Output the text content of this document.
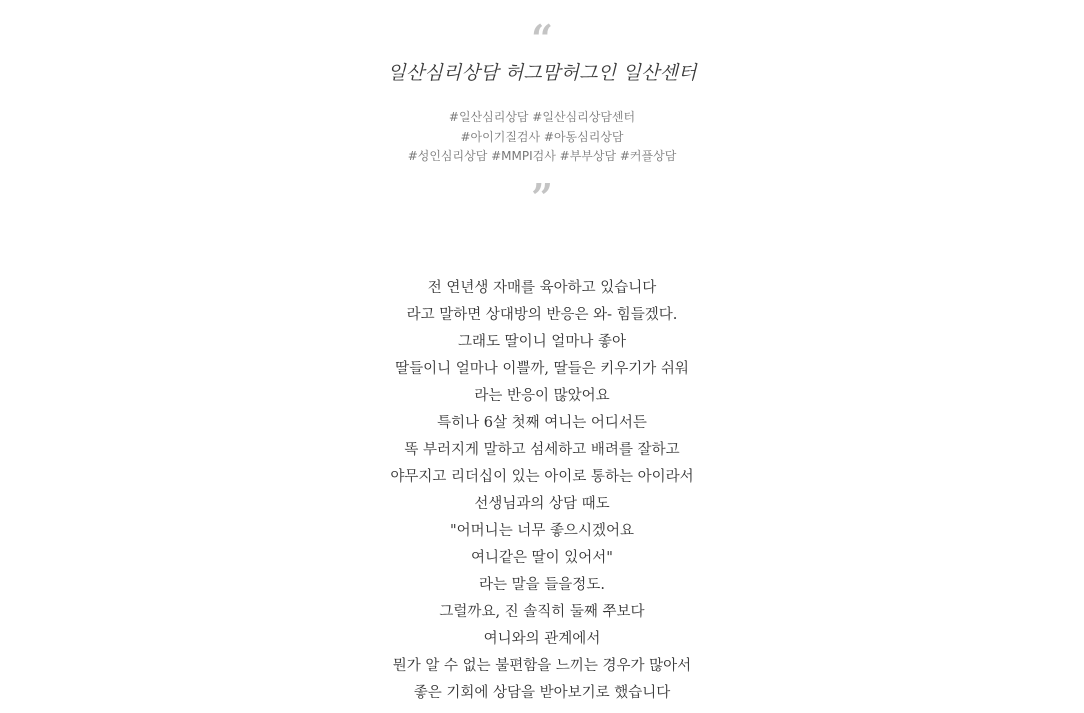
“
일산심리상담 허그맘허그인 일산센터
#일산심리상담 #일산심리상담센터
#아이기질검사 #아동심리상담
#성인심리상담 #MMPI검사 #부부상담 #커플상담
”
전 연년생 자매를 육아하고 있습니다
라고 말하면 상대방의 반응은 와- 힘들겠다.
그래도 딸이니 얼마나 좋아
딸들이니 얼마나 이쁠까, 딸들은 키우기가 쉬워
라는 반응이 많았어요
특히나 6살 첫째 여니는 어디서든
똑 부러지게 말하고 섬세하고 배려를 잘하고
야무지고 리더십이 있는 아이로 통하는 아이라서
선생님과의 상담 때도
"어머니는 너무 좋으시겠어요
여니같은 딸이 있어서"
라는 말을 들을정도.
그럴까요, 진 솔직히 둘째 쭈보다
여니와의 관계에서
뭔가 알 수 없는 불편함을 느끼는 경우가 많아서
좋은 기회에 상담을 받아보기로 했습니다
